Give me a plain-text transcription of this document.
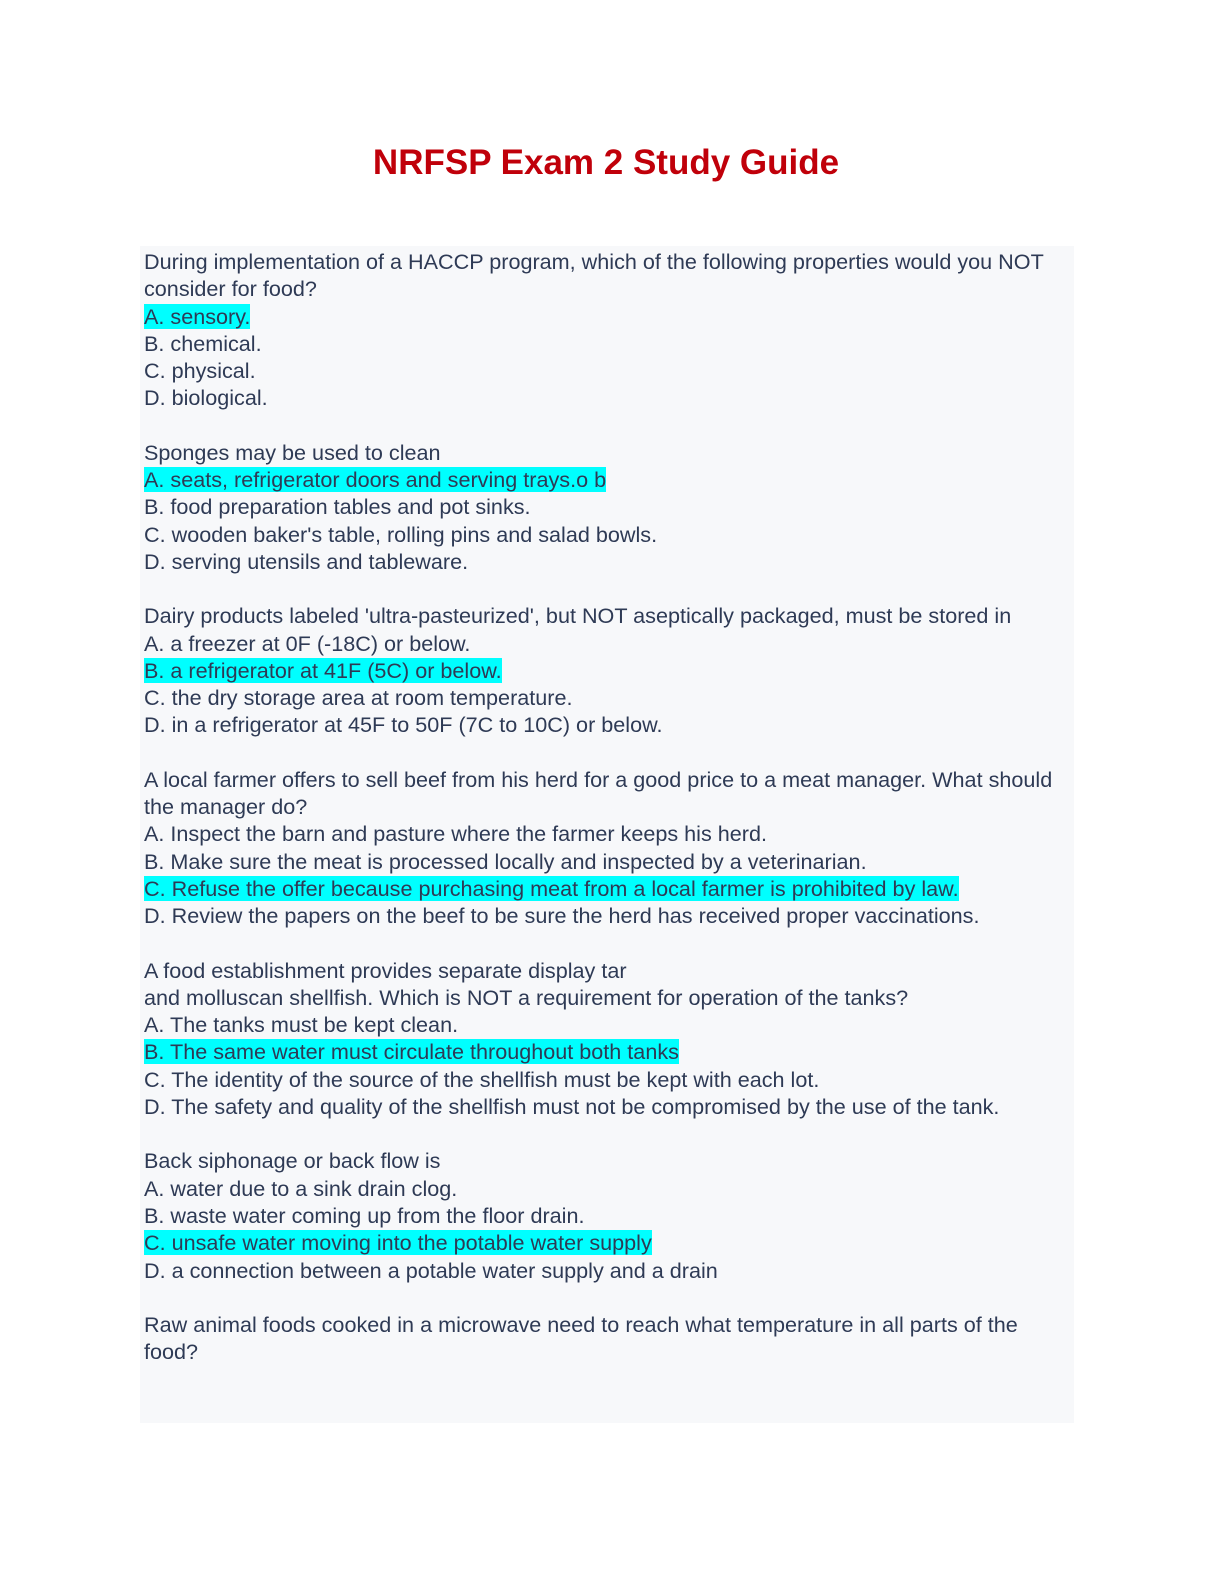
NRFSP Exam 2 Study Guide
During implementation of a HACCP program, which of the following properties would you NOT consider for food?
A. sensory.
B. chemical.
C. physical.
D. biological.
Sponges may be used to clean
A. seats, refrigerator doors and serving trays.o b
B. food preparation tables and pot sinks.
C. wooden baker's table, rolling pins and salad bowls.
D. serving utensils and tableware.
Dairy products labeled 'ultra-pasteurized', but NOT aseptically packaged, must be stored in
A. a freezer at 0F (-18C) or below.
B. a refrigerator at 41F (5C) or below.
C. the dry storage area at room temperature.
D. in a refrigerator at 45F to 50F (7C to 10C) or below.
A local farmer offers to sell beef from his herd for a good price to a meat manager. What should the manager do?
A. Inspect the barn and pasture where the farmer keeps his herd.
B. Make sure the meat is processed locally and inspected by a veterinarian.
C. Refuse the offer because purchasing meat from a local farmer is prohibited by law.
D. Review the papers on the beef to be sure the herd has received proper vaccinations.
A food establishment provides separate display tar
and molluscan shellfish. Which is NOT a requirement for operation of the tanks?
A. The tanks must be kept clean.
B. The same water must circulate throughout both tanks
C. The identity of the source of the shellfish must be kept with each lot.
D. The safety and quality of the shellfish must not be compromised by the use of the tank.
Back siphonage or back flow is
A. water due to a sink drain clog.
B. waste water coming up from the floor drain.
C. unsafe water moving into the potable water supply
D. a connection between a potable water supply and a drain
Raw animal foods cooked in a microwave need to reach what temperature in all parts of the food?
